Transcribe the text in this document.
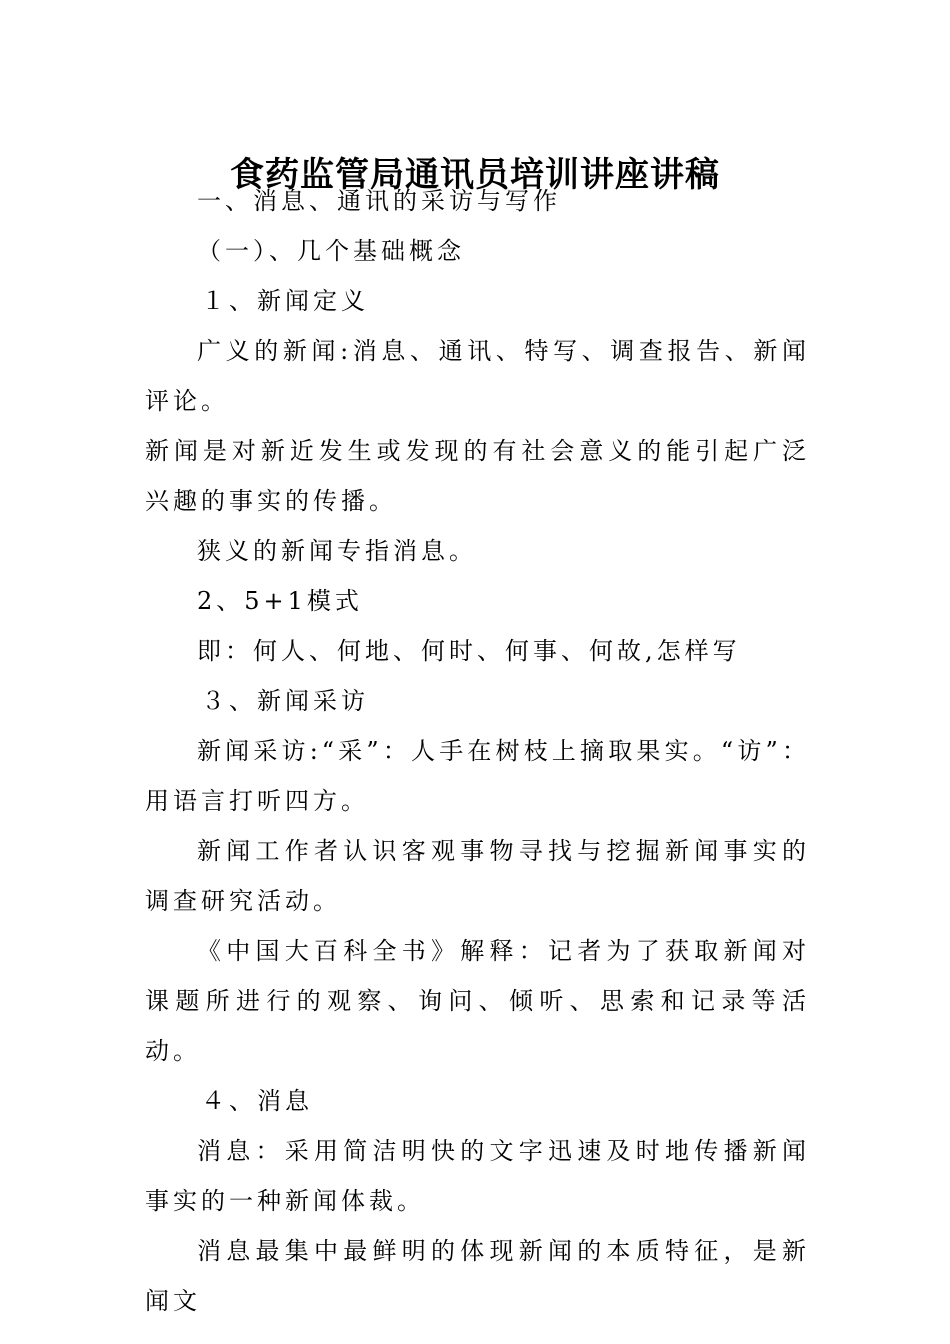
食药监管局通讯员培训讲座讲稿

一、消息、通讯的采访与写作

（一）、几个基础概念

１、新闻定义

广义的新闻:消息、通讯、特写、调查报告、新闻评论。

新闻是对新近发生或发现的有社会意义的能引起广泛兴趣的事实的传播。

狭义的新闻专指消息。

2、5+1模式

即：何人、何地、何时、何事、何故,怎样写

３、新闻采访

新闻采访:“采”：人手在树枝上摘取果实。“访”：用语言打听四方。

新闻工作者认识客观事物寻找与挖掘新闻事实的调查研究活动。

《中国大百科全书》解释：记者为了获取新闻对课题所进行的观察、询问、倾听、思索和记录等活动。

４、消息

消息：采用简洁明快的文字迅速及时地传播新闻事实的一种新闻体裁。

消息最集中最鲜明的体现新闻的本质特征，是新闻文
